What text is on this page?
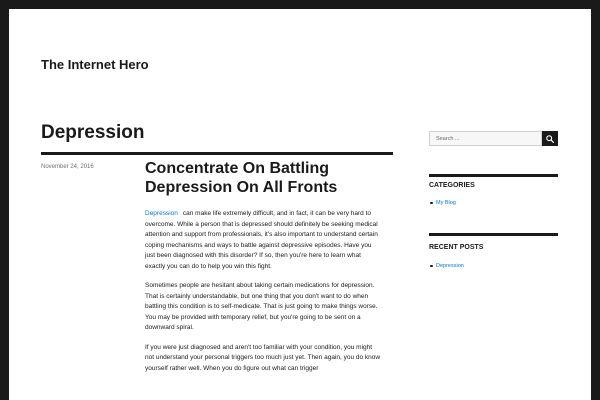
The Internet Hero
Depression
November 24, 2016	Concentrate On Battling Depression On All Fronts

Depression can make life extremely difficult, and in fact, it can be very hard to overcome. While a person that is depressed should definitely be seeking medical attention and support from professionals, it's also important to understand certain coping mechanisms and ways to battle against depressive episodes. Have you just been diagnosed with this disorder? If so, then you're here to learn what exactly you can do to help you win this fight.

Sometimes people are hesitant about taking certain medications for depression. That is certainly understandable, but one thing that you don't want to do when battling this condition is to self-medicate. That is just going to make things worse. You may be provided with temporary relief, but you're going to be sent on a downward spiral.

If you were just diagnosed and aren't too familiar with your condition, you might not understand your personal triggers too much just yet. Then again, you do know yourself rather well. When you do figure out what can trigger

Search ...
CATEGORIES
My Blog
RECENT POSTS
Depression
